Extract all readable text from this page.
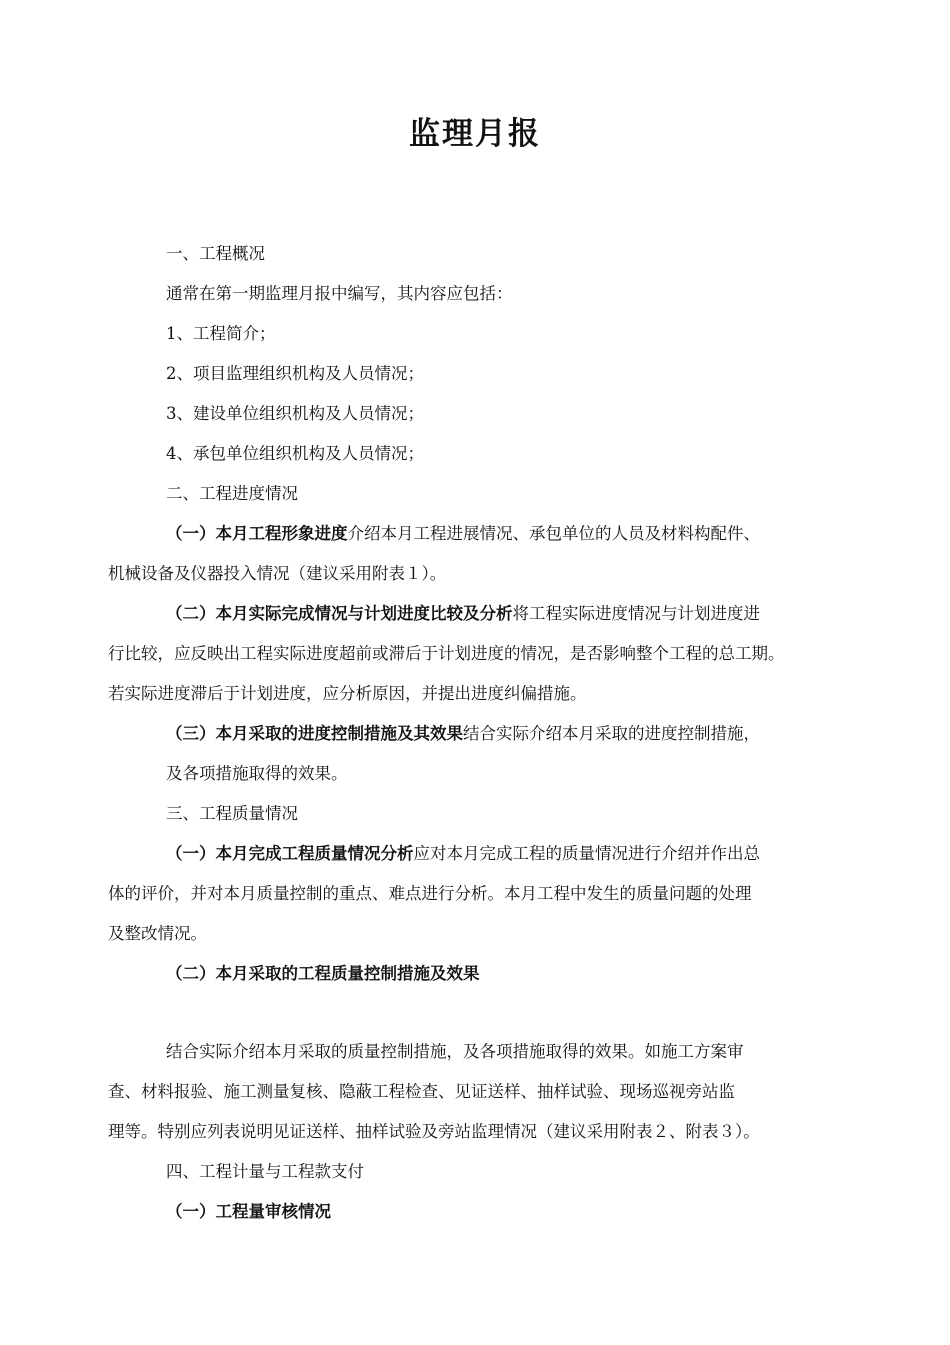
监理月报
一、工程概况
通常在第一期监理月报中编写，其内容应包括：
1、工程简介；
2、项目监理组织机构及人员情况；
3、建设单位组织机构及人员情况；
4、承包单位组织机构及人员情况；
二、工程进度情况
（一）本月工程形象进度介绍本月工程进展情况、承包单位的人员及材料构配件、
机械设备及仪器投入情况（建议采用附表１）。
（二）本月实际完成情况与计划进度比较及分析将工程实际进度情况与计划进度进
行比较，应反映出工程实际进度超前或滞后于计划进度的情况，是否影响整个工程的总工期。
若实际进度滞后于计划进度，应分析原因，并提出进度纠偏措施。
（三）本月采取的进度控制措施及其效果结合实际介绍本月采取的进度控制措施，
及各项措施取得的效果。
三、工程质量情况
（一）本月完成工程质量情况分析应对本月完成工程的质量情况进行介绍并作出总
体的评价，并对本月质量控制的重点、难点进行分析。本月工程中发生的质量问题的处理
及整改情况。
（二）本月采取的工程质量控制措施及效果
结合实际介绍本月采取的质量控制措施，及各项措施取得的效果。如施工方案审
查、材料报验、施工测量复核、隐蔽工程检查、见证送样、抽样试验、现场巡视旁站监
理等。特别应列表说明见证送样、抽样试验及旁站监理情况（建议采用附表２、附表３）。
四、工程计量与工程款支付
（一）工程量审核情况
